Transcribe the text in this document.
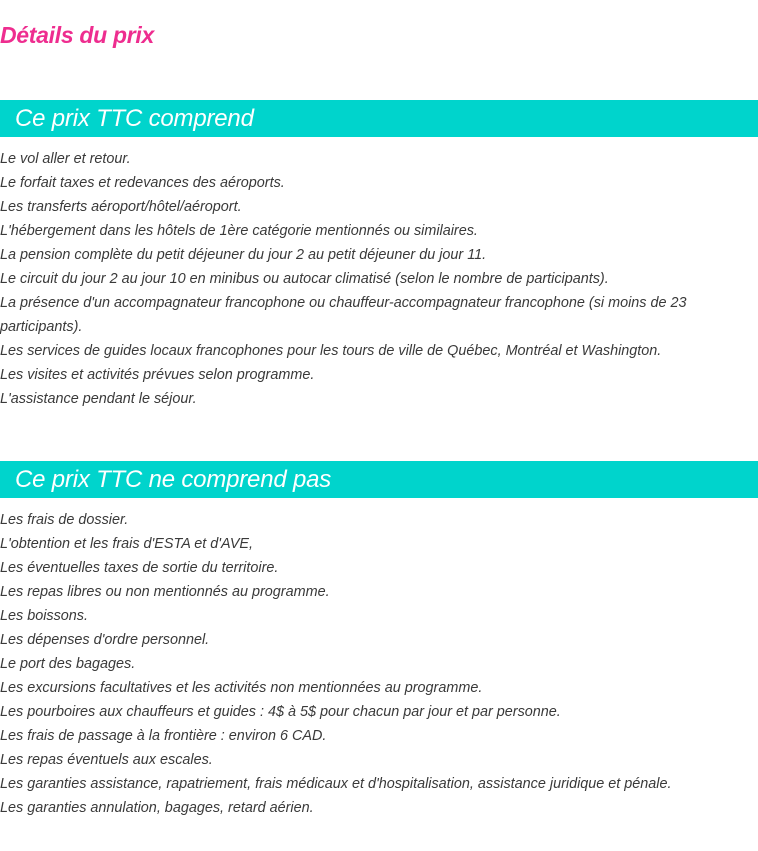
Détails du prix
Ce prix TTC comprend
Le vol aller et retour.
Le forfait taxes et redevances des aéroports.
Les transferts aéroport/hôtel/aéroport.
L'hébergement dans les hôtels de 1ère catégorie mentionnés ou similaires.
La pension complète du petit déjeuner du jour 2 au petit déjeuner du jour 11.
Le circuit du jour 2 au jour 10 en minibus ou autocar climatisé (selon le nombre de participants).
La présence d'un accompagnateur francophone ou chauffeur-accompagnateur francophone (si moins de 23 participants).
Les services de guides locaux francophones pour les tours de ville de Québec, Montréal et Washington.
Les visites et activités prévues selon programme.
L'assistance pendant le séjour.
Ce prix TTC ne comprend pas
Les frais de dossier.
L'obtention et les frais d'ESTA et d'AVE,
Les éventuelles taxes de sortie du territoire.
Les repas libres ou non mentionnés au programme.
Les boissons.
Les dépenses d'ordre personnel.
Le port des bagages.
Les excursions facultatives et les activités non mentionnées au programme.
Les pourboires aux chauffeurs et guides : 4$ à 5$ pour chacun par jour et par personne.
Les frais de passage à la frontière : environ 6 CAD.
Les repas éventuels aux escales.
Les garanties assistance, rapatriement, frais médicaux et d'hospitalisation, assistance juridique et pénale.
Les garanties annulation, bagages, retard aérien.
